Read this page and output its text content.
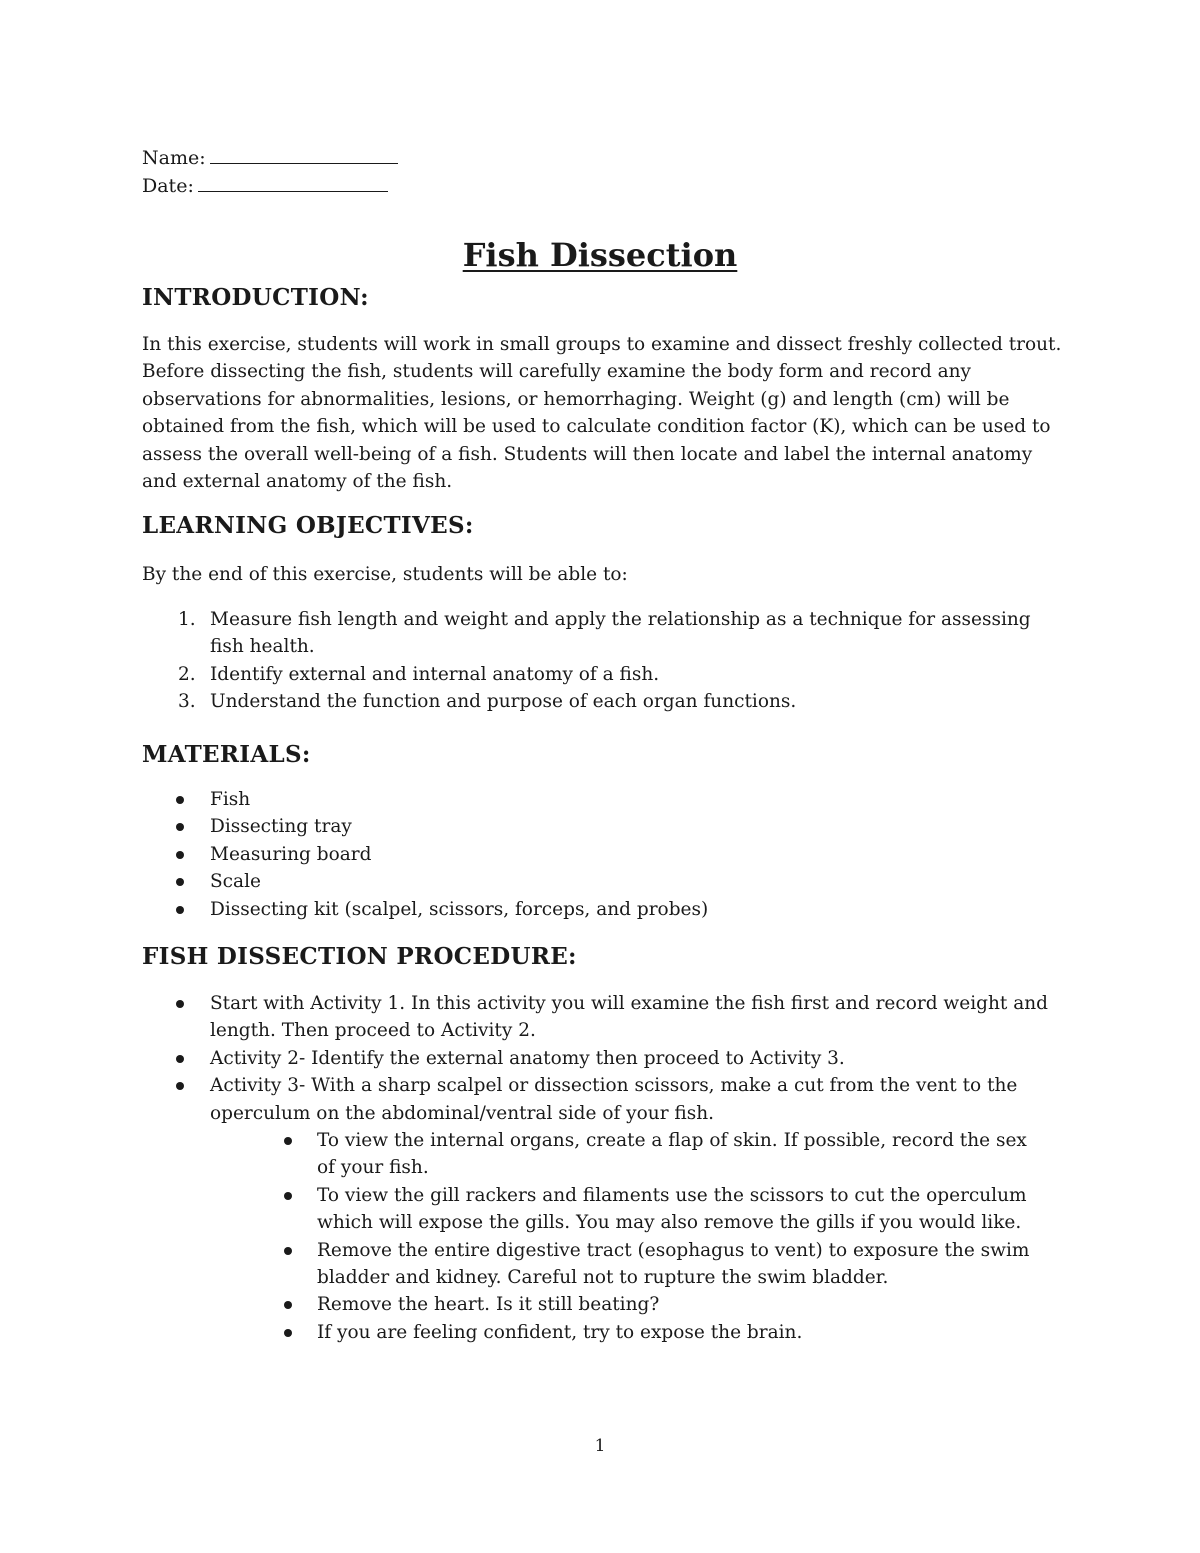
Name:
Date:
Fish Dissection
INTRODUCTION:
In this exercise, students will work in small groups to examine and dissect freshly collected trout. Before dissecting the fish, students will carefully examine the body form and record any observations for abnormalities, lesions, or hemorrhaging. Weight (g) and length (cm) will be obtained from the fish, which will be used to calculate condition factor (K), which can be used to assess the overall well-being of a fish. Students will then locate and label the internal anatomy and external anatomy of the fish.
LEARNING OBJECTIVES:
By the end of this exercise, students will be able to:
1. Measure fish length and weight and apply the relationship as a technique for assessing fish health.
2. Identify external and internal anatomy of a fish.
3. Understand the function and purpose of each organ functions.
MATERIALS:
Fish
Dissecting tray
Measuring board
Scale
Dissecting kit (scalpel, scissors, forceps, and probes)
FISH DISSECTION PROCEDURE:
Start with Activity 1. In this activity you will examine the fish first and record weight and length. Then proceed to Activity 2.
Activity 2- Identify the external anatomy then proceed to Activity 3.
Activity 3- With a sharp scalpel or dissection scissors, make a cut from the vent to the operculum on the abdominal/ventral side of your fish.
To view the internal organs, create a flap of skin. If possible, record the sex of your fish.
To view the gill rackers and filaments use the scissors to cut the operculum which will expose the gills. You may also remove the gills if you would like.
Remove the entire digestive tract (esophagus to vent) to exposure the swim bladder and kidney. Careful not to rupture the swim bladder.
Remove the heart. Is it still beating?
If you are feeling confident, try to expose the brain.
1
